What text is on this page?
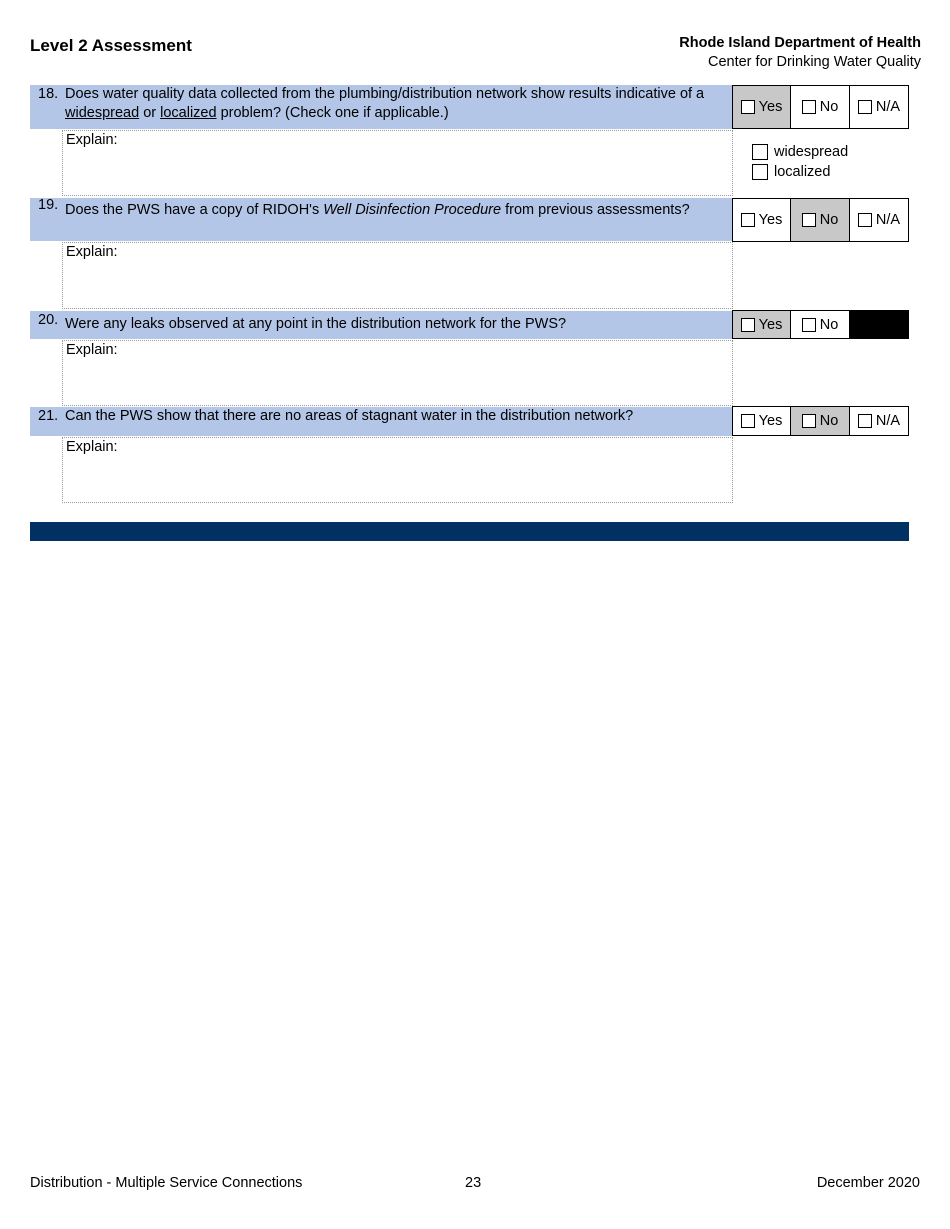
Level 2 Assessment	Rhode Island Department of Health
Center for Drinking Water Quality
18. Does water quality data collected from the plumbing/distribution network show results indicative of a widespread or localized problem? (Check one if applicable.)	Yes	No	N/A
Explain:
widespread
localized
19. Does the PWS have a copy of RIDOH's Well Disinfection Procedure from previous assessments?
Yes	No	N/A
Explain:
20. Were any leaks observed at any point in the distribution network for the PWS?	Yes	No
Explain:
21. Can the PWS show that there are no areas of stagnant water in the distribution network?	Yes	No	N/A
Explain:
Distribution - Multiple Service Connections	23	December 2020
